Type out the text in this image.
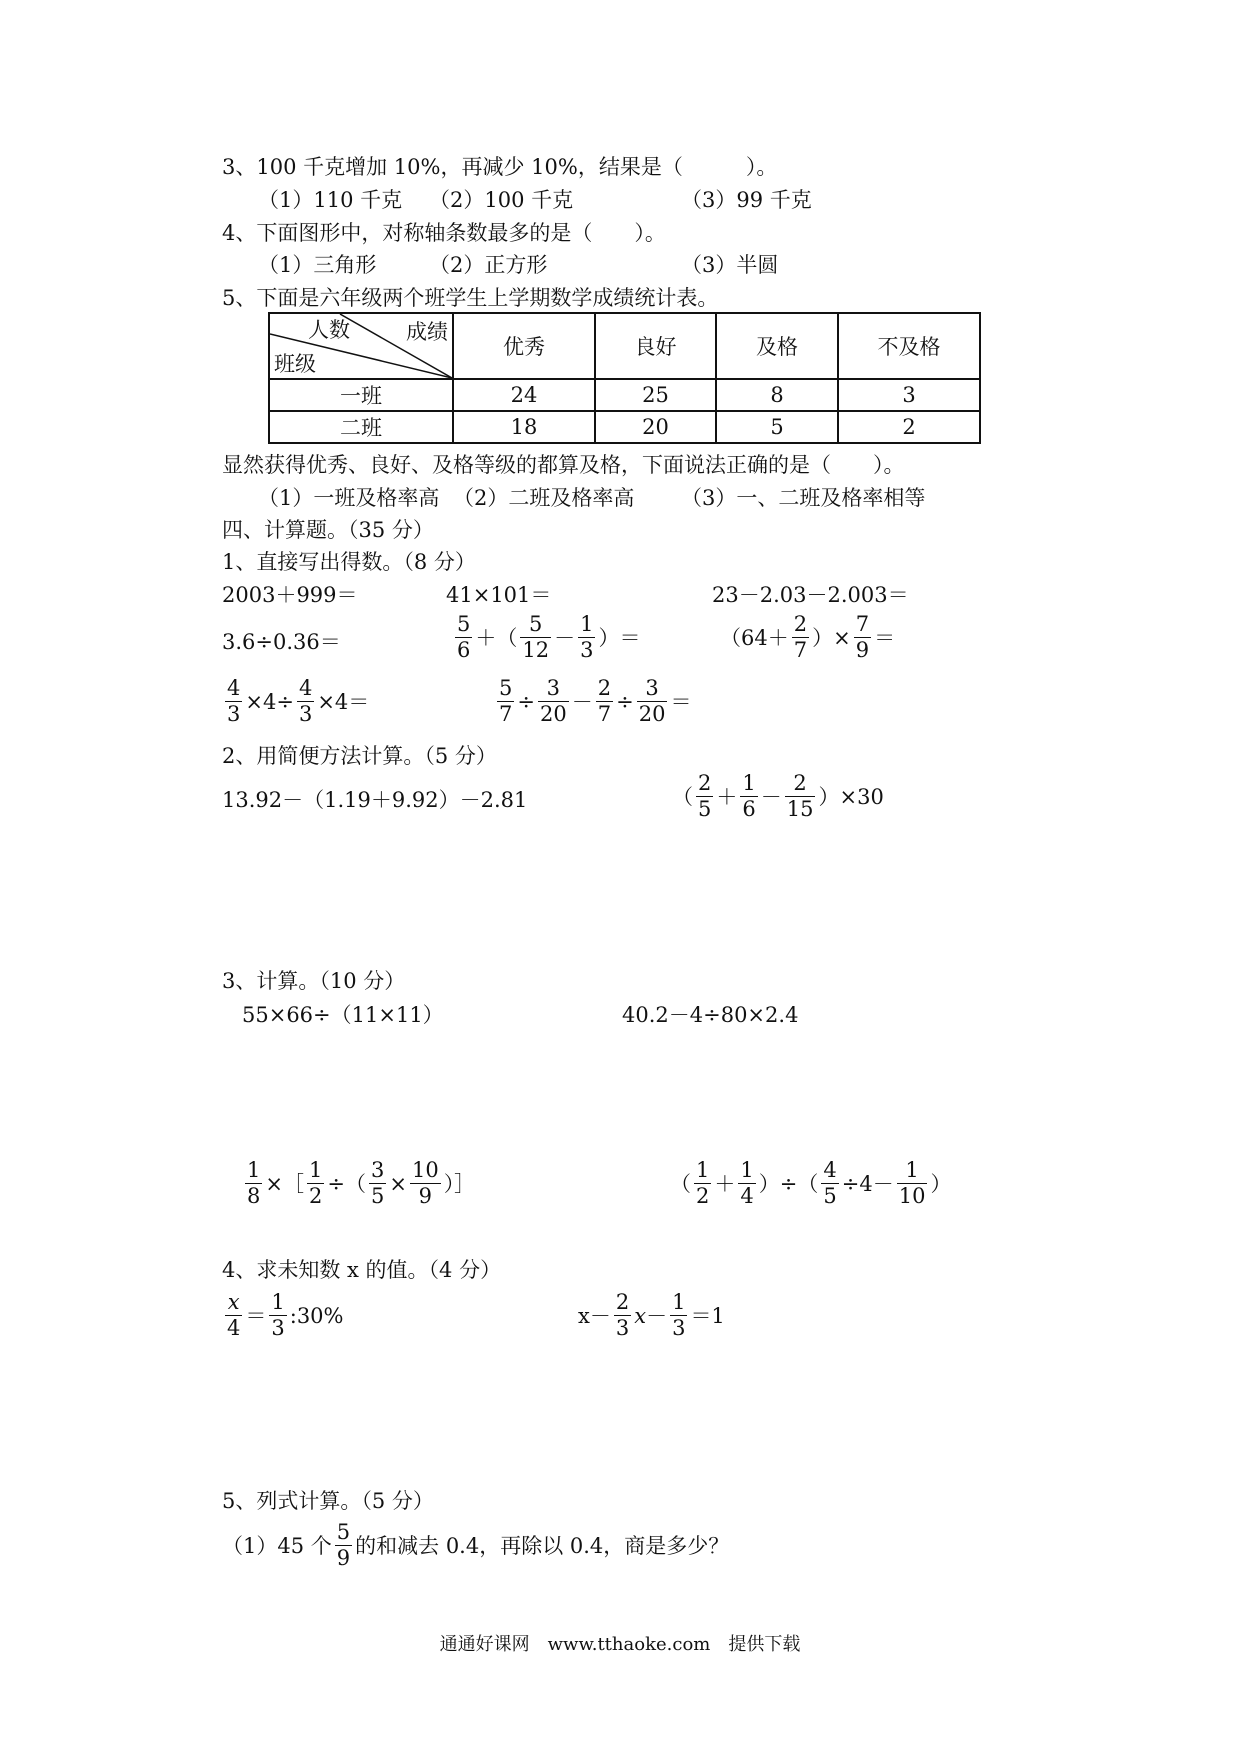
3、100 千克增加 10%，再减少 10%，结果是（　　　）。
（1）110 千克 （2）100 千克	（3）99 千克
4、下面图形中，对称轴条数最多的是（　　）。
（1）三角形	（2）正方形	（3）半圆
5、下面是六年级两个班学生上学期数学成绩统计表。
人数 成绩
班级	优秀	良好	及格	不及格
一班	24	25	8	3
二班	18	20	5	2
显然获得优秀、良好、及格等级的都算及格，下面说法正确的是（　　）。
（1）一班及格率高 （2）二班及格率高 （3）一、二班及格率相等
四、计算题。（35 分）
1、直接写出得数。（8 分）
2003＋999＝	41×101＝	23－2.03－2.003＝
3.6÷0.36＝	$\frac{5}{6}$ ＋（ $\frac{5}{12} - \frac{1}{3}$ ）＝	（$64+ \frac{2}{7}$ ）× $\frac{7}{9}$ ＝
$\frac{4}{3} \times 4\div \frac{4}{3} \times 4=$	$\frac{5}{7} \div \frac{3}{20} - \frac{2}{7} \div \frac{3}{20}$ ＝
2、用简便方法计算。（5 分）
13.92－（1.19＋9.92）－2.81	（ $\frac{2}{5} + \frac{1}{6} - \frac{2}{15} )\times 30$
3、计算。（10 分）
55×66÷（11×11）	40.2－4÷80×2.4
$\frac{1}{8}$ ×［ $\frac{1}{2}$ ÷（ $\frac{3}{5} \times \frac{10}{9}$ ）］	（ $\frac{1}{2} + \frac{1}{4}$ ）÷（ $\frac{4}{5} \div 4- \frac{1}{10}$ ）
4、求未知数 x 的值。（4 分）
$\frac{x}{4} = \frac{1}{3}$ :30%	$x- \frac{2}{3} x- \frac{1}{3} =1$
5、列式计算。（5 分）
（1）45 个 $\frac{5}{9}$ 的和减去 0.4，再除以 0.4，商是多少？
通通好课网　www.tthaoke.com　提供下载
